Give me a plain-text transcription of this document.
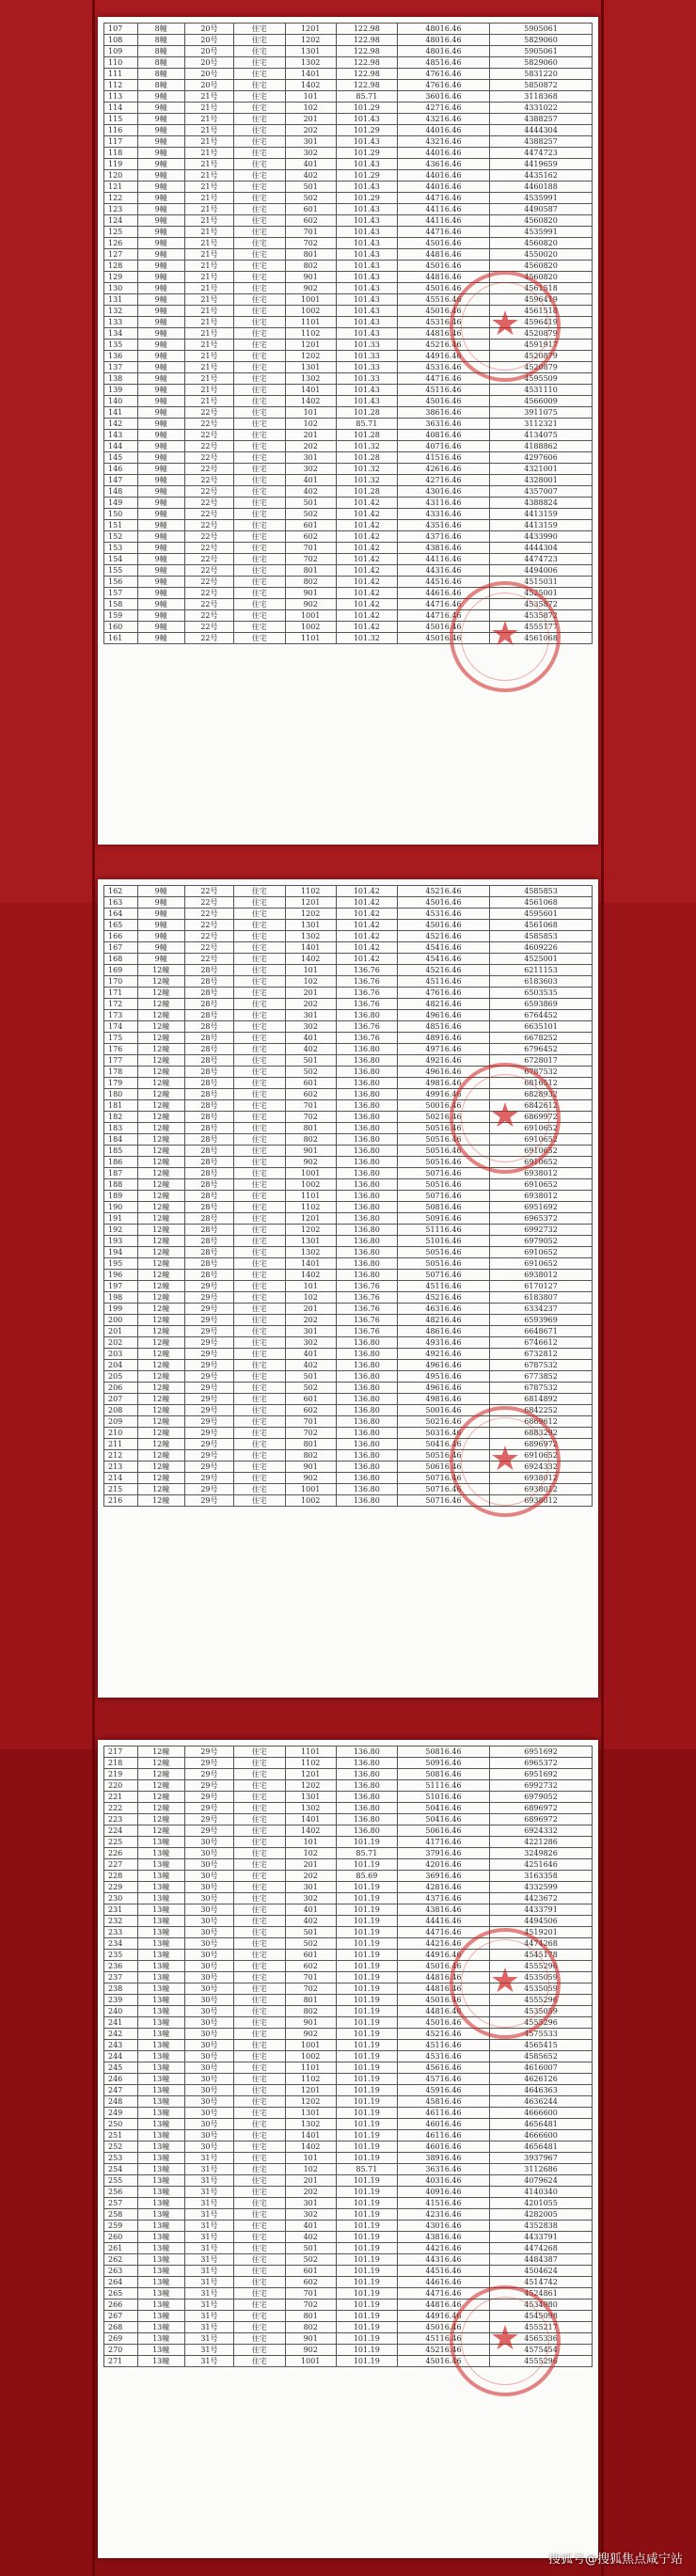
107	8幢	20号	住宅	1201	122.98	48016.46	5905061
108	8幢	20号	住宅	1202	122.98	48016.46	5829060
109	8幢	20号	住宅	1301	122.98	48016.46	5905061
110	8幢	20号	住宅	1302	122.98	48516.46	5829060
111	8幢	20号	住宅	1401	122.98	47616.46	5831220
112	8幢	20号	住宅	1402	122.98	47616.46	5850872
113	9幢	21号	住宅	101	85.71	36016.46	3118368
114	9幢	21号	住宅	102	101.29	42716.46	4331022
115	9幢	21号	住宅	201	101.43	43216.46	4388257
116	9幢	21号	住宅	202	101.29	44016.46	4444304
117	9幢	21号	住宅	301	101.43	43216.46	4388257
118	9幢	21号	住宅	302	101.29	44016.46	4474723
119	9幢	21号	住宅	401	101.43	43616.46	4419659
120	9幢	21号	住宅	402	101.29	44016.46	4435162
121	9幢	21号	住宅	501	101.43	44016.46	4460188
122	9幢	21号	住宅	502	101.29	44716.46	4535991
123	9幢	21号	住宅	601	101.43	44116.46	4490587
124	9幢	21号	住宅	602	101.43	44116.46	4560820
125	9幢	21号	住宅	701	101.43	44716.46	4535991
126	9幢	21号	住宅	702	101.43	45016.46	4560820
127	9幢	21号	住宅	801	101.43	44816.46	4550020
128	9幢	21号	住宅	802	101.43	45016.46	4560820
129	9幢	21号	住宅	901	101.43	44816.46	4560820
130	9幢	21号	住宅	902	101.43	45016.46	4561518
131	9幢	21号	住宅	1001	101.43	45516.46	4596419
132	9幢	21号	住宅	1002	101.43	45016.46	4561518
133	9幢	21号	住宅	1101	101.43	45316.46	4596419
134	9幢	21号	住宅	1102	101.43	44816.46	4520879
135	9幢	21号	住宅	1201	101.33	45216.46	4591917
136	9幢	21号	住宅	1202	101.33	44916.46	4520879
137	9幢	21号	住宅	1301	101.33	45316.46	4520879
138	9幢	21号	住宅	1302	101.33	44716.46	4595509
139	9幢	21号	住宅	1401	101.43	45116.46	4531110
140	9幢	21号	住宅	1402	101.43	45016.46	4566009
141	9幢	22号	住宅	101	101.28	38616.46	3911075
142	9幢	22号	住宅	102	85.71	36316.46	3112321
143	9幢	22号	住宅	201	101.28	40816.46	4134075
144	9幢	22号	住宅	202	101.32	40716.46	4188862
145	9幢	22号	住宅	301	101.28	41516.46	4297606
146	9幢	22号	住宅	302	101.32	42616.46	4321001
147	9幢	22号	住宅	401	101.32	42716.46	4328001
148	9幢	22号	住宅	402	101.28	43016.46	4357007
149	9幢	22号	住宅	501	101.42	43116.46	4388824
150	9幢	22号	住宅	502	101.42	43316.46	4413159
151	9幢	22号	住宅	601	101.42	43516.46	4413159
152	9幢	22号	住宅	602	101.42	43716.46	4433990
153	9幢	22号	住宅	701	101.42	43816.46	4444304
154	9幢	22号	住宅	702	101.42	44116.46	4474723
155	9幢	22号	住宅	801	101.42	44316.46	4494006
156	9幢	22号	住宅	802	101.42	44516.46	4515031
157	9幢	22号	住宅	901	101.42	44616.46	4525001
158	9幢	22号	住宅	902	101.42	44716.46	4535872
159	9幢	22号	住宅	1001	101.42	44716.46	4535872
160	9幢	22号	住宅	1002	101.42	45016.46	4555177
161	9幢	22号	住宅	1101	101.32	45016.46	4561068
★
★
162	9幢	22号	住宅	1102	101.42	45216.46	4585853
163	9幢	22号	住宅	1201	101.42	45016.46	4561068
164	9幢	22号	住宅	1202	101.42	45316.46	4595601
165	9幢	22号	住宅	1301	101.42	45016.46	4561068
166	9幢	22号	住宅	1302	101.42	45216.46	4585853
167	9幢	22号	住宅	1401	101.42	45416.46	4609226
168	9幢	22号	住宅	1402	101.42	45416.46	4525001
169	12幢	28号	住宅	101	136.76	45216.46	6211153
170	12幢	28号	住宅	102	136.76	45116.46	6183603
171	12幢	28号	住宅	201	136.76	47616.46	6503535
172	12幢	28号	住宅	202	136.76	48216.46	6593869
173	12幢	28号	住宅	301	136.80	49616.46	6764452
174	12幢	28号	住宅	302	136.76	48516.46	6635101
175	12幢	28号	住宅	401	136.76	48916.46	6678252
176	12幢	28号	住宅	402	136.80	49716.46	6796452
177	12幢	28号	住宅	501	136.80	49216.46	6728017
178	12幢	28号	住宅	502	136.80	49616.46	6787532
179	12幢	28号	住宅	601	136.80	49816.46	6816512
180	12幢	28号	住宅	602	136.80	49916.46	6828932
181	12幢	28号	住宅	701	136.80	50016.46	6842612
182	12幢	28号	住宅	702	136.80	50216.46	6869972
183	12幢	28号	住宅	801	136.80	50516.46	6910652
184	12幢	28号	住宅	802	136.80	50516.46	6910652
185	12幢	28号	住宅	901	136.80	50516.46	6910652
186	12幢	28号	住宅	902	136.80	50516.46	6910652
187	12幢	28号	住宅	1001	136.80	50716.46	6938012
188	12幢	28号	住宅	1002	136.80	50516.46	6910652
189	12幢	28号	住宅	1101	136.80	50716.46	6938012
190	12幢	28号	住宅	1102	136.80	50816.46	6951692
191	12幢	28号	住宅	1201	136.80	50916.46	6965372
192	12幢	28号	住宅	1202	136.80	51116.46	6992732
193	12幢	28号	住宅	1301	136.80	51016.46	6979052
194	12幢	28号	住宅	1302	136.80	50516.46	6910652
195	12幢	28号	住宅	1401	136.80	50516.46	6910652
196	12幢	28号	住宅	1402	136.80	50716.46	6938012
197	12幢	29号	住宅	101	136.76	45116.46	6170127
198	12幢	29号	住宅	102	136.76	45216.46	6183807
199	12幢	29号	住宅	201	136.76	46316.46	6334237
200	12幢	29号	住宅	202	136.76	48216.46	6593969
201	12幢	29号	住宅	301	136.76	48616.46	6648671
202	12幢	29号	住宅	302	136.80	49316.46	6746612
203	12幢	29号	住宅	401	136.80	49216.46	6732812
204	12幢	29号	住宅	402	136.80	49616.46	6787532
205	12幢	29号	住宅	501	136.80	49516.46	6773852
206	12幢	29号	住宅	502	136.80	49616.46	6787532
207	12幢	29号	住宅	601	136.80	49816.46	6814892
208	12幢	29号	住宅	602	136.80	50016.46	6842252
209	12幢	29号	住宅	701	136.80	50216.46	6869612
210	12幢	29号	住宅	702	136.80	50316.46	6883292
211	12幢	29号	住宅	801	136.80	50416.46	6896972
212	12幢	29号	住宅	802	136.80	50516.46	6910652
213	12幢	29号	住宅	901	136.80	50616.46	6924332
214	12幢	29号	住宅	902	136.80	50716.46	6938012
215	12幢	29号	住宅	1001	136.80	50716.46	6938012
216	12幢	29号	住宅	1002	136.80	50716.46	6938012
★
★
217	12幢	29号	住宅	1101	136.80	50816.46	6951692
218	12幢	29号	住宅	1102	136.80	50916.46	6965372
219	12幢	29号	住宅	1201	136.80	50816.46	6951692
220	12幢	29号	住宅	1202	136.80	51116.46	6992732
221	12幢	29号	住宅	1301	136.80	51016.46	6979052
222	12幢	29号	住宅	1302	136.80	50416.46	6896972
223	12幢	29号	住宅	1401	136.80	50416.46	6896972
224	12幢	29号	住宅	1402	136.80	50616.46	6924332
225	13幢	30号	住宅	101	101.19	41716.46	4221286
226	13幢	30号	住宅	102	85.71	37916.46	3249826
227	13幢	30号	住宅	201	101.19	42016.46	4251646
228	13幢	30号	住宅	202	85.69	36916.46	3163358
229	13幢	30号	住宅	301	101.19	42816.46	4332599
230	13幢	30号	住宅	302	101.19	43716.46	4423672
231	13幢	30号	住宅	401	101.19	43816.46	4433791
232	13幢	30号	住宅	402	101.19	44416.46	4494506
233	13幢	30号	住宅	501	101.19	44716.46	4519201
234	13幢	30号	住宅	502	101.19	44216.46	4474268
235	13幢	30号	住宅	601	101.19	44916.46	4545178
236	13幢	30号	住宅	602	101.19	45016.46	4555296
237	13幢	30号	住宅	701	101.19	44816.46	4535059
238	13幢	30号	住宅	702	101.19	44816.46	4535059
239	13幢	30号	住宅	801	101.19	45016.46	4555296
240	13幢	30号	住宅	802	101.19	44816.46	4535059
241	13幢	30号	住宅	901	101.19	45016.46	4555296
242	13幢	30号	住宅	902	101.19	45216.46	4575533
243	13幢	30号	住宅	1001	101.19	45116.46	4565415
244	13幢	30号	住宅	1002	101.19	45316.46	4585652
245	13幢	30号	住宅	1101	101.19	45616.46	4616007
246	13幢	30号	住宅	1102	101.19	45716.46	4626126
247	13幢	30号	住宅	1201	101.19	45916.46	4646363
248	13幢	30号	住宅	1202	101.19	45816.46	4636244
249	13幢	30号	住宅	1301	101.19	46116.46	4666600
250	13幢	30号	住宅	1302	101.19	46016.46	4656481
251	13幢	30号	住宅	1401	101.19	46116.46	4666600
252	13幢	30号	住宅	1402	101.19	46016.46	4656481
253	13幢	31号	住宅	101	101.19	38916.46	3937967
254	13幢	31号	住宅	102	85.71	36316.46	3112686
255	13幢	31号	住宅	201	101.19	40316.46	4079624
256	13幢	31号	住宅	202	101.19	40916.46	4140340
257	13幢	31号	住宅	301	101.19	41516.46	4201055
258	13幢	31号	住宅	302	101.19	42316.46	4282005
259	13幢	31号	住宅	401	101.19	43016.46	4352838
260	13幢	31号	住宅	402	101.19	43816.46	4433791
261	13幢	31号	住宅	501	101.19	44216.46	4474268
262	13幢	31号	住宅	502	101.19	44316.46	4484387
263	13幢	31号	住宅	601	101.19	44516.46	4504624
264	13幢	31号	住宅	602	101.19	44616.46	4514742
265	13幢	31号	住宅	701	101.19	44716.46	4524861
266	13幢	31号	住宅	702	101.19	44816.46	4534980
267	13幢	31号	住宅	801	101.19	44916.46	4545098
268	13幢	31号	住宅	802	101.19	45016.46	4555217
269	13幢	31号	住宅	901	101.19	45116.46	4565336
270	13幢	31号	住宅	902	101.19	45216.46	4575454
271	13幢	31号	住宅	1001	101.19	45016.46	4555296
★
★
搜狐号@搜狐焦点咸宁站
